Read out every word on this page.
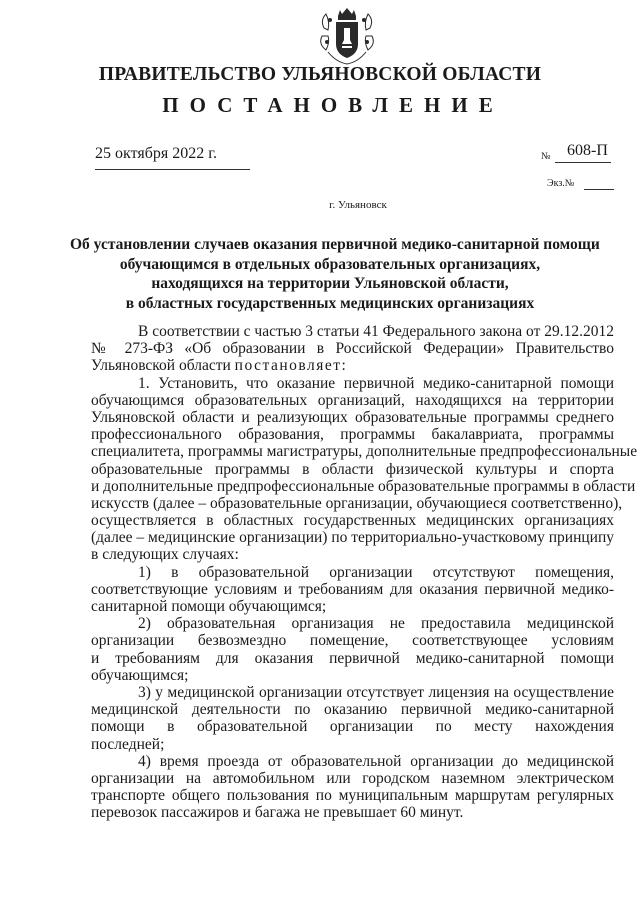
ПРАВИТЕЛЬСТВО УЛЬЯНОВСКОЙ ОБЛАСТИ
ПОСТАНОВЛЕНИЕ
25 октября 2022 г.	№ 608-П
Экз.№
г. Ульяновск
Об установлении случаев оказания первичной медико-санитарной помощи
обучающимся в отдельных образовательных организациях,
находящихся на территории Ульяновской области,
в областных государственных медицинских организациях
В соответствии с частью 3 статьи 41 Федерального закона от 29.12.2012
№ 273-ФЗ «Об образовании в Российской Федерации» Правительство
Ульяновской области постановляет:
1. Установить, что оказание первичной медико-санитарной помощи
обучающимся образовательных организаций, находящихся на территории
Ульяновской области и реализующих образовательные программы среднего
профессионального образования, программы бакалавриата, программы
специалитета, программы магистратуры, дополнительные предпрофессиональные
образовательные программы в области физической культуры и спорта
и дополнительные предпрофессиональные образовательные программы в области
искусств (далее – образовательные организации, обучающиеся соответственно),
осуществляется в областных государственных медицинских организациях
(далее – медицинские организации) по территориально-участковому принципу
в следующих случаях:
1) в образовательной организации отсутствуют помещения,
соответствующие условиям и требованиям для оказания первичной медико-
санитарной помощи обучающимся;
2) образовательная организация не предоставила медицинской
организации безвозмездно помещение, соответствующее условиям
и требованиям для оказания первичной медико-санитарной помощи
обучающимся;
3) у медицинской организации отсутствует лицензия на осуществление
медицинской деятельности по оказанию первичной медико-санитарной
помощи в образовательной организации по месту нахождения
последней;
4) время проезда от образовательной организации до медицинской
организации на автомобильном или городском наземном электрическом
транспорте общего пользования по муниципальным маршрутам регулярных
перевозок пассажиров и багажа не превышает 60 минут.
